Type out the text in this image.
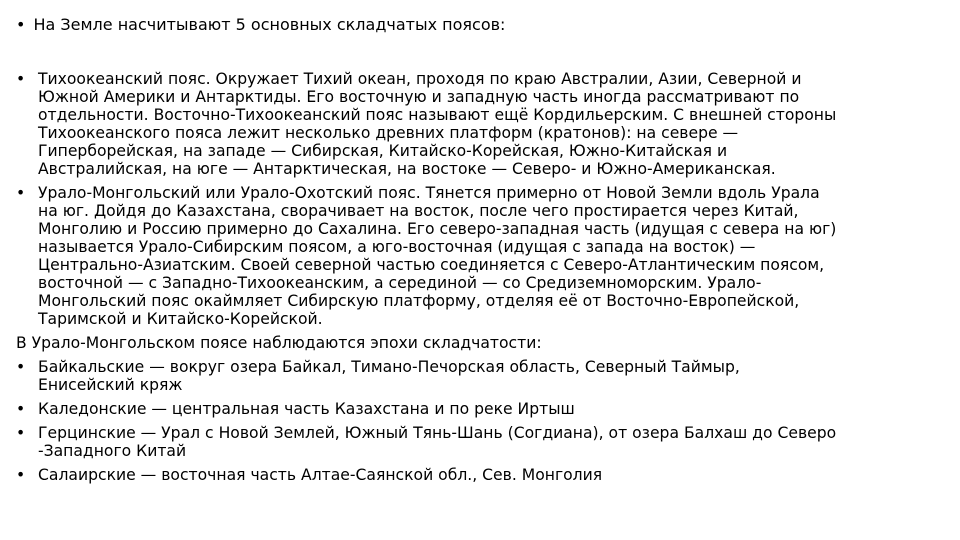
• На Земле насчитывают 5 основных складчатых поясов:
• Тихоокеанский пояс. Окружает Тихий океан, проходя по краю Австралии, Азии, Северной и
Южной Америки и Антарктиды. Его восточную и западную часть иногда рассматривают по
отдельности. Восточно-Тихоокеанский пояс называют ещё Кордильерским. С внешней стороны
Тихоокеанского пояса лежит несколько древних платформ (кратонов): на севере —
Гиперборейская, на западе — Сибирская, Китайско-Корейская, Южно-Китайская и
Австралийская, на юге — Антарктическая, на востоке — Северо- и Южно-Американская.
• Урало-Монгольский или Урало-Охотский пояс. Тянется примерно от Новой Земли вдоль Урала
на юг. Дойдя до Казахстана, сворачивает на восток, после чего простирается через Китай,
Монголию и Россию примерно до Сахалина. Его северо-западная часть (идущая с севера на юг)
называется Урало-Сибирским поясом, а юго-восточная (идущая с запада на восток) —
Центрально-Азиатским. Своей северной частью соединяется с Северо-Атлантическим поясом,
восточной — с Западно-Тихоокеанским, а серединой — со Средиземноморским. Урало-
Монгольский пояс окаймляет Сибирскую платформу, отделяя её от Восточно-Европейской,
Таримской и Китайско-Корейской.
В Урало-Монгольском поясе наблюдаются эпохи складчатости:
• Байкальские — вокруг озера Байкал, Тимано-Печорская область, Северный Таймыр,
Енисейский кряж
• Каледонские — центральная часть Казахстана и по реке Иртыш
• Герцинские — Урал с Новой Землей, Южный Тянь-Шань (Согдиана), от озера Балхаш до Северо
-Западного Китай
• Салаирские — восточная часть Алтае-Саянской обл., Сев. Монголия
